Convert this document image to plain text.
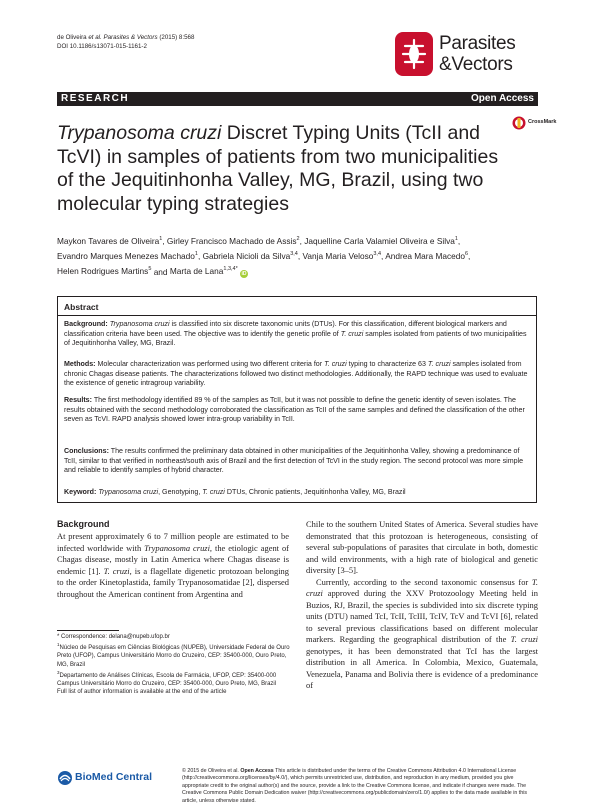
de Oliveira et al. Parasites & Vectors (2015) 8:568
DOI 10.1186/s13071-015-1161-2	Parasites
&Vectors
RESEARCH	Open Access
CrossMark
Trypanosoma cruzi Discret Typing Units (TcII and TcVI) in samples of patients from two municipalities of the Jequitinhonha Valley, MG, Brazil, using two molecular typing strategies
Maykon Tavares de Oliveira$^1$, Girley Francisco Machado de Assis$^2$, Jaquelline Carla Valamiel Oliveira e Silva$^1$,
Evandro Marques Menezes Machado$^1$, Gabriela Nicioli da Silva$^{3,4}$, Vanja Maria Veloso$^{3,4}$, Andrea Mara Macedo$^6$,
Helen Rodrigues Martins$^5$ and Marta de Lana$^{1,3,4*}$ iD
Abstract
Background: Trypanosoma cruzi is classified into six discrete taxonomic units (DTUs). For this classification, different biological markers and classification criteria have been used. The objective was to identify the genetic profile of T. cruzi samples isolated from patients of two municipalities of Jequitinhonha Valley, MG, Brazil.
Methods: Molecular characterization was performed using two different criteria for T. cruzi typing to characterize 63 T. cruzi samples isolated from chronic Chagas disease patients. The characterizations followed two distinct methodologies. Additionally, the RAPD technique was used to evaluate the existence of genetic intragroup variability.
Results: The first methodology identified 89 % of the samples as TcII, but it was not possible to define the genetic identity of seven isolates. The results obtained with the second methodology corroborated the classification as TcII of the same samples and defined the classification of the other seven as TcVI. RAPD analysis showed lower intra-group variability in TcII.
Conclusions: The results confirmed the preliminary data obtained in other municipalities of the Jequitinhonha Valley, showing a predominance of TcII, similar to that verified in northeast/south axis of Brazil and the first detection of TcVI in the study region. The second protocol was more simple and reliable to identify samples of hybrid character.
Keyword: Trypanosoma cruzi, Genotyping, T. cruzi DTUs, Chronic patients, Jequitinhonha Valley, MG, Brazil
Background

At present approximately 6 to 7 million people are estimated to be infected worldwide with Trypanosoma cruzi, the etiologic agent of Chagas disease, mostly in Latin America where Chagas disease is endemic [1]. T. cruzi, is a flagellate digenetic protozoan belonging to the order Kinetoplastida, family Trypanosomatidae [2], dispersed throughout the American continent from Argentina and

Chile to the southern United States of America. Several studies have demonstrated that this protozoan is heterogeneous, consisting of several sub-populations of parasites that circulate in both, domestic and wild environments, with a high rate of biological and genetic diversity [3–5].

Currently, according to the second taxonomic consensus for T. cruzi approved during the XXV Protozoology Meeting held in Buzios, RJ, Brazil, the species is subdivided into six discrete typing units (DTU) named TcI, TcII, TcIII, TcIV, TcV and TcVI [6], related to several previous classifications based on different molecular markers. Regarding the geographical distribution of the T. cruzi genotypes, it has been demonstrated that TcI has the largest distribution in all America. In Colombia, Mexico, Guatemala, Venezuela, Panama and Bolivia there is evidence of a predominance of

* Correspondence: delana@nupeb.ufop.br
$^1$Núcleo de Pesquisas em Ciências Biológicas (NUPEB), Universidade Federal de Ouro Preto (UFOP), Campus Universitário Morro do Cruzeiro, CEP: 35400-000, Ouro Preto, MG, Brazil
$^3$Departamento de Análises Clínicas, Escola de Farmácia, UFOP, CEP: 35400-000 Campus Universitário Morro do Cruzeiro, CEP: 35400-000, Ouro Preto, MG, Brazil
Full list of author information is available at the end of the article
BioMed Central	© 2015 de Oliveira et al. Open Access This article is distributed under the terms of the Creative Commons Attribution 4.0 International License (http://creativecommons.org/licenses/by/4.0/), which permits unrestricted use, distribution, and reproduction in any medium, provided you give appropriate credit to the original author(s) and the source, provide a link to the Creative Commons license, and indicate if changes were made. The Creative Commons Public Domain Dedication waiver (http://creativecommons.org/publicdomain/zero/1.0/) applies to the data made available in this article, unless otherwise stated.
